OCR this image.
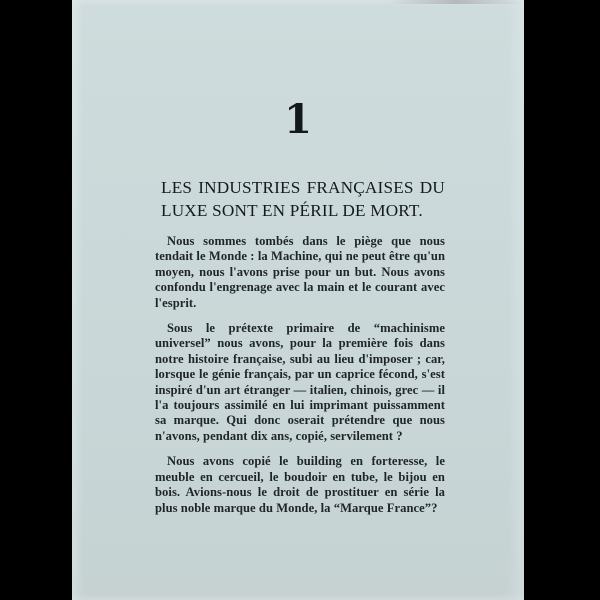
1
LES INDUSTRIES FRANÇAISES DU LUXE SONT EN PÉRIL DE MORT.

Nous sommes tombés dans le piège que nous tendait le Monde : la Machine, qui ne peut être qu'un moyen, nous l'avons prise pour un but. Nous avons confondu l'engrenage avec la main et le courant avec l'esprit.

Sous le prétexte primaire de “machinisme universel” nous avons, pour la première fois dans notre histoire française, subi au lieu d'imposer ; car, lorsque le génie français, par un caprice fécond, s'est inspiré d'un art étranger — italien, chinois, grec — il l'a toujours assimilé en lui imprimant puissamment sa marque. Qui donc oserait prétendre que nous n'avons, pendant dix ans, copié, servilement ?

Nous avons copié le building en forteresse, le meuble en cercueil, le boudoir en tube, le bijou en bois. Avions-nous le droit de prostituer en série la plus noble marque du Monde, la “Marque France”?
